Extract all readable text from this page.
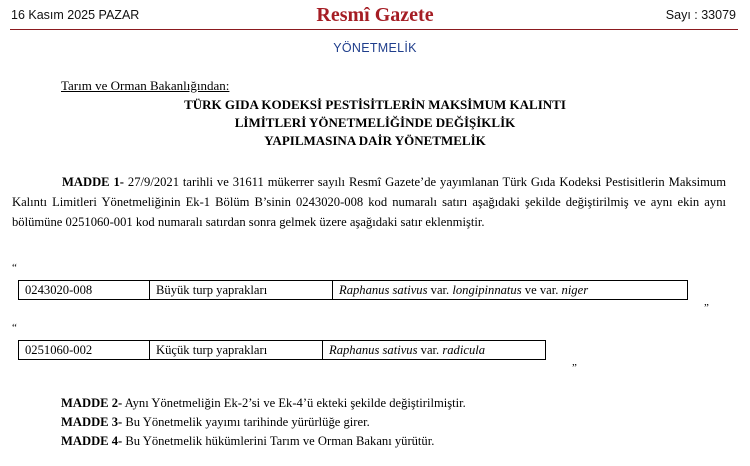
16 Kasım 2025 PAZAR	Resmî Gazete	Sayı : 33079
YÖNETMELİK
Tarım ve Orman Bakanlığından:
TÜRK GIDA KODEKSİ PESTİSİTLERİN MAKSİMUM KALINTI
LİMİTLERİ YÖNETMELİĞİNDE DEĞİŞİKLİK
YAPILMASINA DAİR YÖNETMELİK
MADDE 1- 27/9/2021 tarihli ve 31611 mükerrer sayılı Resmî Gazete’de yayımlanan Türk Gıda Kodeksi Pestisitlerin Maksimum Kalıntı Limitleri Yönetmeliğinin Ek-1 Bölüm B’sinin 0243020-008 kod numaralı satırı aşağıdaki şekilde değiştirilmiş ve aynı ekin aynı bölümüne 0251060-001 kod numaralı satırdan sonra gelmek üzere aşağıdaki satır eklenmiştir.
“
0243020-008	Büyük turp yaprakları	Raphanus sativus var. longipinnatus ve var. niger
”
“
0251060-002	Küçük turp yaprakları	Raphanus sativus var. radicula
”
MADDE 2- Aynı Yönetmeliğin Ek-2’si ve Ek-4’ü ekteki şekilde değiştirilmiştir.
MADDE 3- Bu Yönetmelik yayımı tarihinde yürürlüğe girer.
MADDE 4- Bu Yönetmelik hükümlerini Tarım ve Orman Bakanı yürütür.
